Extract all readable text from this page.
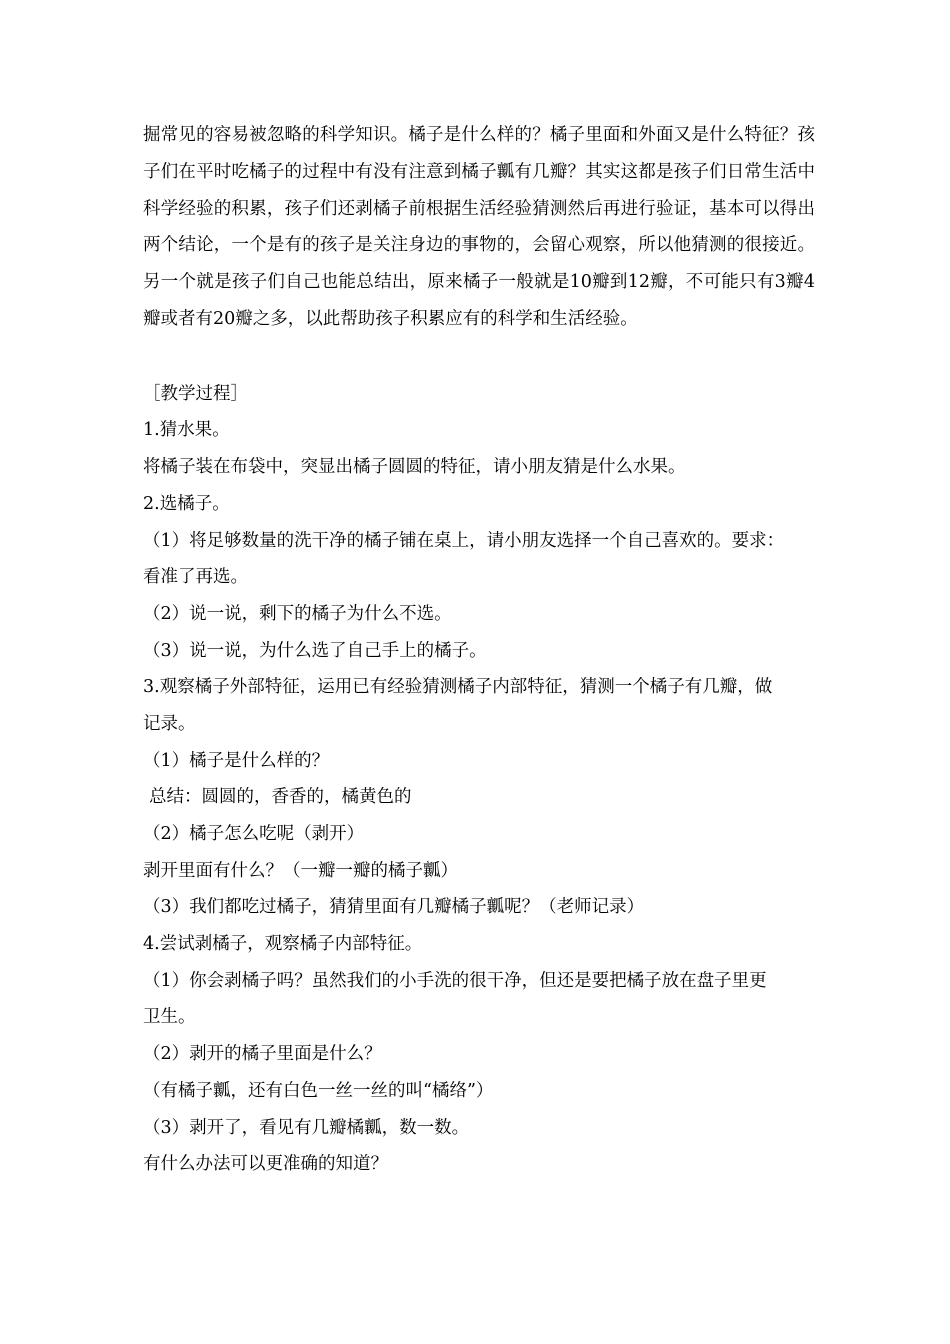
掘常见的容易被忽略的科学知识。橘子是什么样的？橘子里面和外面又是什么特征？孩子们在平时吃橘子的过程中有没有注意到橘子瓤有几瓣？其实这都是孩子们日常生活中科学经验的积累，孩子们还剥橘子前根据生活经验猜测然后再进行验证，基本可以得出两个结论，一个是有的孩子是关注身边的事物的，会留心观察，所以他猜测的很接近。另一个就是孩子们自己也能总结出，原来橘子一般就是10瓣到12瓣，不可能只有3瓣4瓣或者有20瓣之多，以此帮助孩子积累应有的科学和生活经验。

［教学过程］
1.猜水果。
将橘子装在布袋中，突显出橘子圆圆的特征，请小朋友猜是什么水果。
2.选橘子。
（1）将足够数量的洗干净的橘子铺在桌上，请小朋友选择一个自己喜欢的。要求：
看准了再选。
（2）说一说，剩下的橘子为什么不选。
（3）说一说，为什么选了自己手上的橘子。
3.观察橘子外部特征，运用已有经验猜测橘子内部特征，猜测一个橘子有几瓣，做
记录。
（1）橘子是什么样的？
总结：圆圆的，香香的，橘黄色的
（2）橘子怎么吃呢（剥开）
剥开里面有什么？（一瓣一瓣的橘子瓤）
（3）我们都吃过橘子，猜猜里面有几瓣橘子瓤呢？（老师记录）
4.尝试剥橘子，观察橘子内部特征。
（1）你会剥橘子吗？虽然我们的小手洗的很干净，但还是要把橘子放在盘子里更
卫生。
（2）剥开的橘子里面是什么？
（有橘子瓤，还有白色一丝一丝的叫“橘络”）
（3）剥开了，看见有几瓣橘瓤，数一数。
有什么办法可以更准确的知道？
